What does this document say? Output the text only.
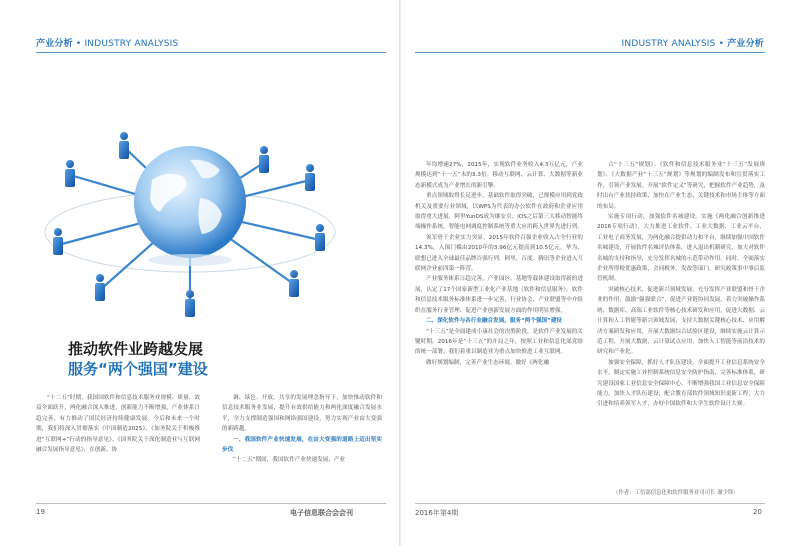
产业分析 • INDUSTRY ANALYSIS
推动软件业跨越发展
服务“两个强国”建设

“十二五”时期，我国国软件和信息技术服务业规模、质量、效益全面跃升，两化融合深入推进，创新能力不断增强，产业体系日趋完善，有力推动了国民经济持续健康发展。今后和未来一个时期，我们将深入贯彻落实《中国制造2025》、《加务院关于积极推进“互联网+”行动的指导意见》、《国务院关于深化制造业与互联网融合发展指导意见》，在创新、协

调、绿色、开放、共享的发展理念指导下，加快推动软件和信息技术服务业发展，提升有效供给能力和两化深度融合发展水平，全力支撑制造强国和网络强国建设，努力实现产业由大变强的新跨越。

一、我国软件产业快速发展，在由大变强的道路上迈出坚实步伐

“十二五”期间，我国软件产业快速发展，产业

19	电子信息联合会会刊
INDUSTRY ANALYSIS • 产业分析

年均增速27%，2015年，实现软件业务收入4.3万亿元，产业规模达到“十一五”末的3.3倍。移动互联网、云计算、大数据等新业态新模式成为产业增长的新引擎。

重点领域取得长足进步，基础软件取得突破，已规模应用到党政机关及重要行业领域，以WPS为代表的办公软件在政府和企业应用取得重大进展，阿里YunOS成为继安卓、iOS之后第三大移动智能终端操作系统，智能电网调度控制系统等重大应用跨入世界先进行列。

领军骨干企业实力突显，2015年软件百强企业收入占全行业的14.3%，入围门槛由2010年的3.96亿元提高到10.5亿元。华为、联想已进入全球最佳品牌百强行列，阿里、百度、腾讯等企业进入互联网企业前四第一阵营。

产业服务体系日趋完善，产业园区、基地等载体建设取得新的进展，认定了17个国家新型工业化产业基地（软件和信息服务），软件和信息技术服务标准体系进一步完善，行业协会、产业联盟等中介组织在服务行业管理、促进产业创新发展方面的作用明显增强。

二、深化软件与各行业融合发展，服务“两个强国”建设

“十三五”是全面建成小康社会的决胜阶段，是软件产业发展的关键时期。2016年是“十三五”的开局之年，按照工业和信息化部党组的统一部署，我们着重以制造业为重点加快推进工业互联网。

做好规划编制，完善产业生态环境。做好《两化融

合“十三五”规划》、《软件和信息技术服务业“十三五”发展规划》、《大数据产业“十三五”规划》等规划的编制发布和宣贯落实工作，引领产业发展。开展“软件定义”等研究，把握软件产业趋势，及时出台产业扶持政策，加快在产业生态、关键技术和市场主体等方面的布局。

实施专项行动，加强软件名城建设。实施《两化融合创新推进2016专项行动》，大力推进工业软件、工业大数据、工业云平台、工业电子商务发展，为两化融合提供动力和平台，继续加强中国软件名城建设，开展软件名城评估体系，进入退出机制研究，加大对软件名城的支持和指导，充分发挥名城的示范带动作用。同时，全面落实企业所得税优惠政策，会同税务、发改等部门，研究政策事中事后监管机制。

突破核心技术，促进新兴领域发展。充分发挥产业联盟和骨干企业的作用，鼓励“强强联合”，促进产业链协同发展，着力突破操作系统、数据库、高端工业软件等核心技术研发和应用，促进大数据、云计算和人工智能等新兴领域发展，支持大数据关键核心技术、应用解决方案研发和应用，开展大数据综合试验区建设，继续实施云计算示范工程，开展大数据、云计算试点应用，加快人工智能等前沿技术的研究和产业化。

加强安全保障，抓好人才队伍建设。全面提升工业信息系统安全水平，制定实施工业控制系统信息安全防护指南，完善标准体系，研究建设国家工业信息安全保障中心。不断增强我国工业信息安全保障能力，加快人才队伍建设，配合教育部软件领域知识更新工程，大力引进和培养领军人才，办好中国软件和大学生软件设计大赛。

（作者：工信部信息化和软件服务业司司长 谢少锋）
2016年第4期	20
